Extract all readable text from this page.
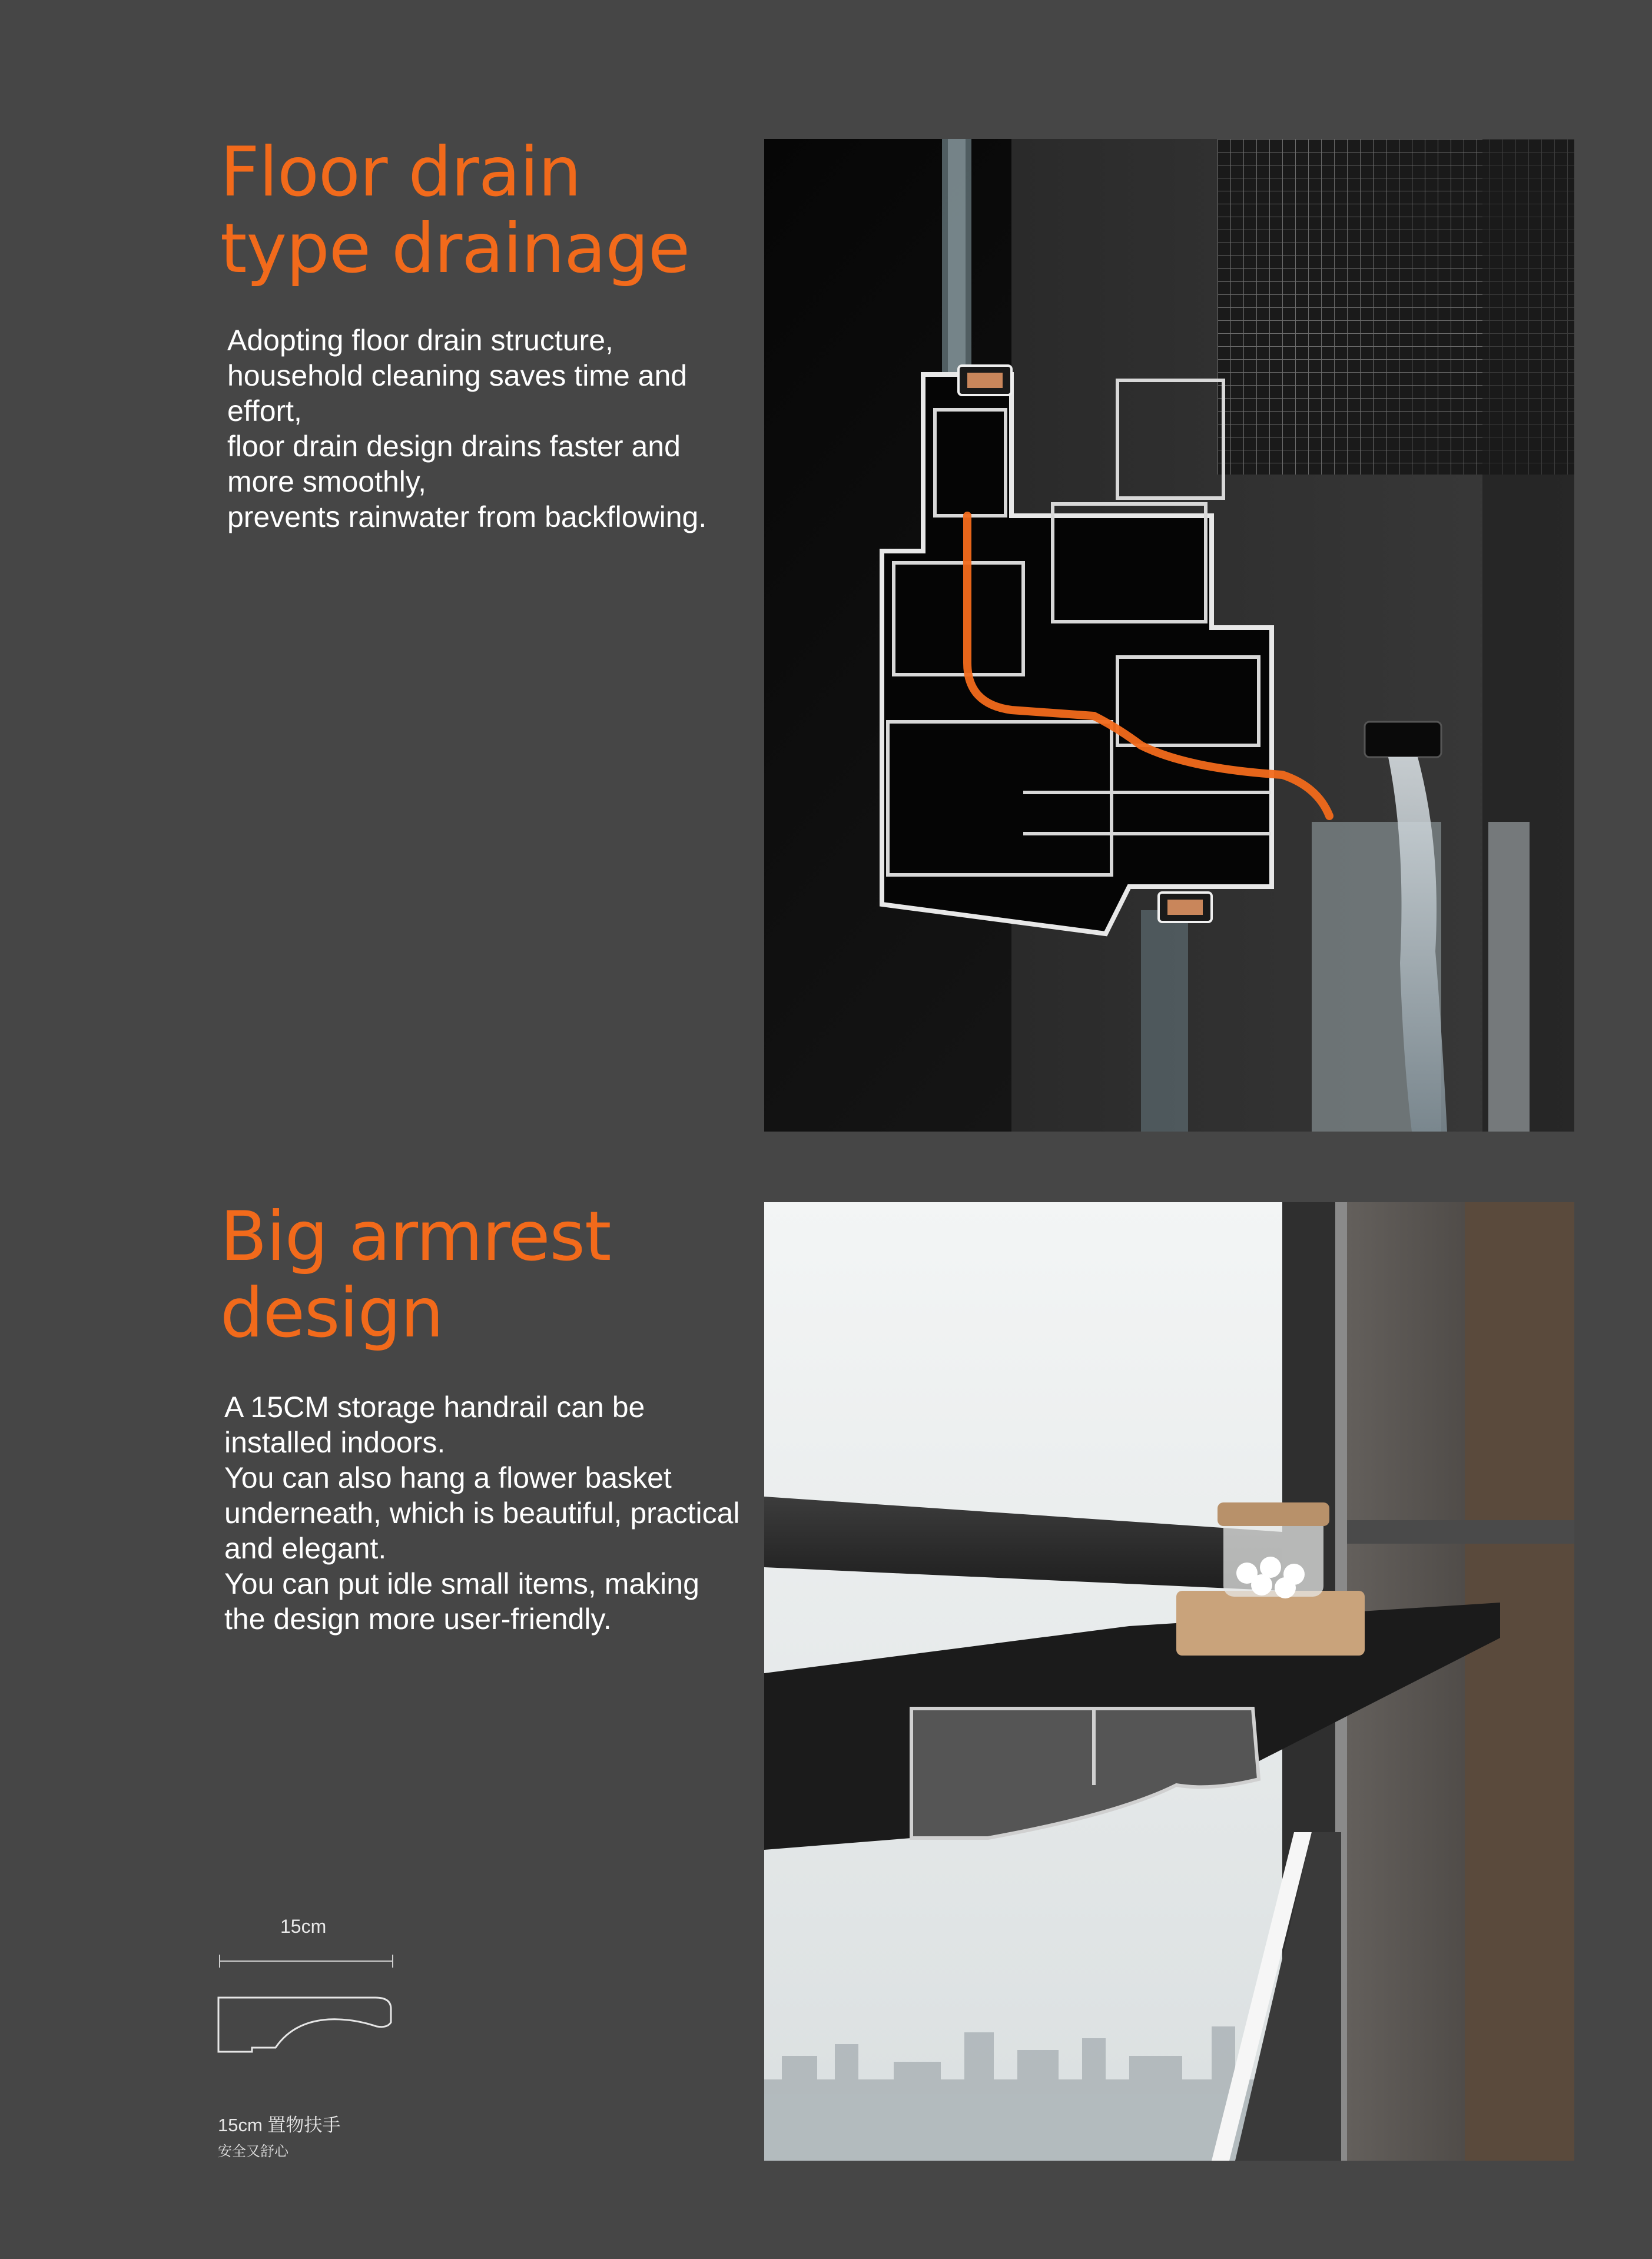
Floor drain
type drainage

Adopting floor drain structure,
household cleaning saves time and
effort,
floor drain design drains faster and
more smoothly,
prevents rainwater from backflowing.

Big armrest
design

A 15CM storage handrail can be
installed indoors.
You can also hang a flower basket
underneath, which is beautiful, practical
and elegant.
You can put idle small items, making
the design more user-friendly.

15cm
15cm 置物扶手
安全又舒心
